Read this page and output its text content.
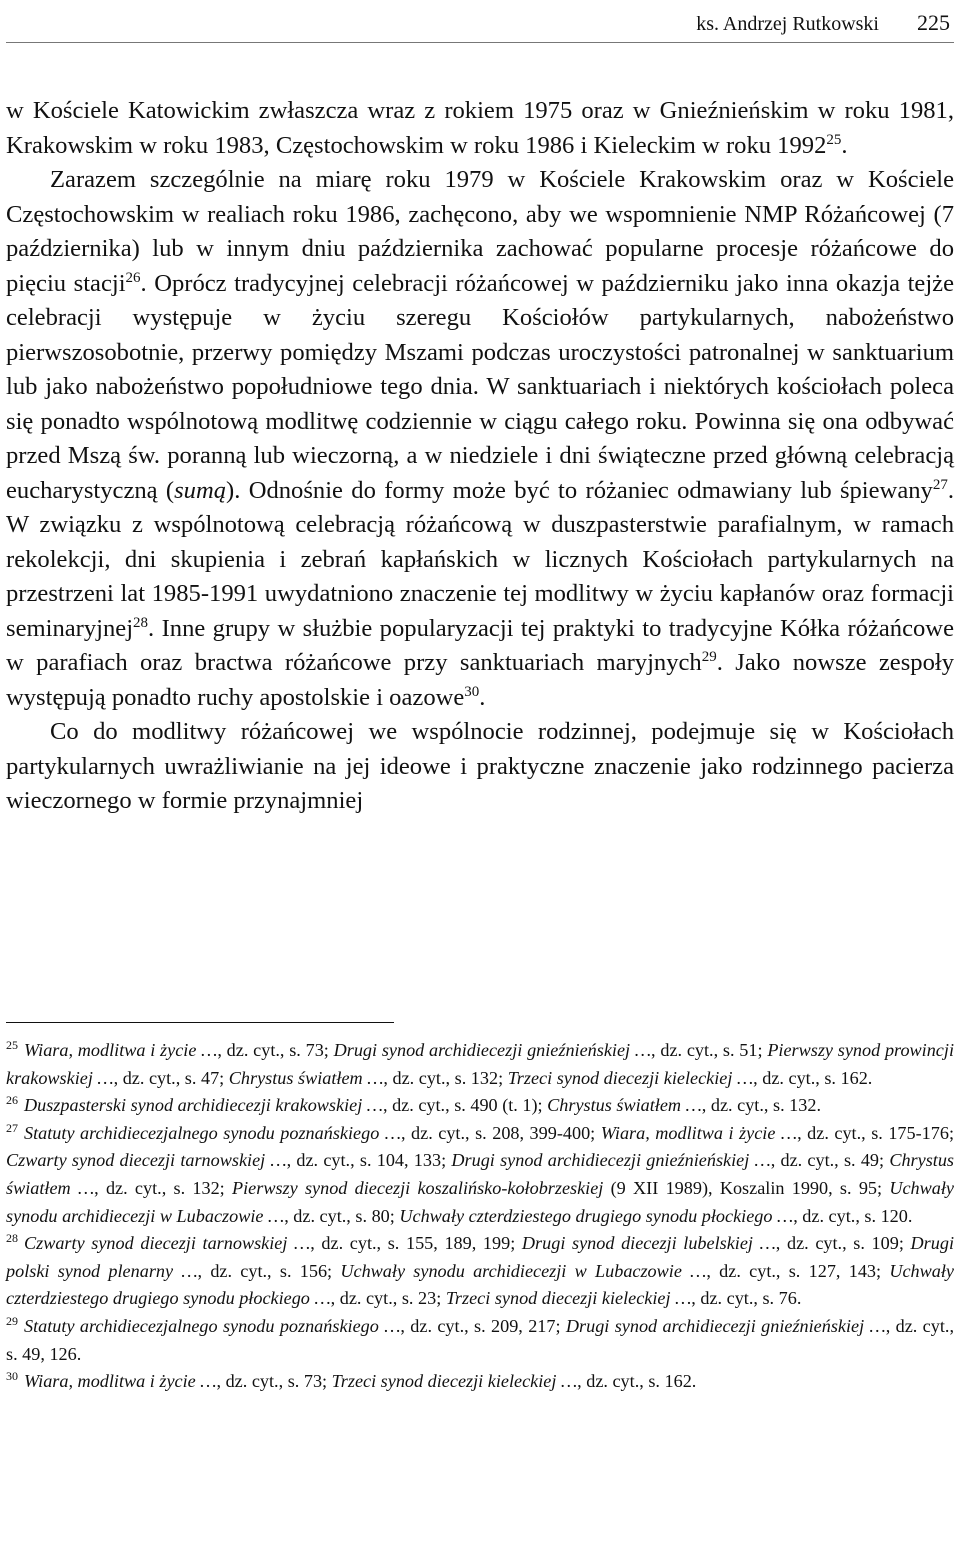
ks. Andrzej Rutkowski 225

w Kościele Katowickim zwłaszcza wraz z rokiem 1975 oraz w Gnieźnieńskim w roku 1981, Krakowskim w roku 1983, Częstochowskim w roku 1986 i Kieleckim w roku 1992$^{25}$.

Zarazem szczególnie na miarę roku 1979 w Kościele Krakowskim oraz w Kościele Częstochowskim w realiach roku 1986, zachęcono, aby we wspomnienie NMP Różańcowej (7 października) lub w innym dniu października zachować popularne procesje różańcowe do pięciu stacji$^{26}$. Oprócz tradycyjnej celebracji różańcowej w październiku jako inna okazja tejże celebracji występuje w życiu szeregu Kościołów partykularnych, nabożeństwo pierwszosobotnie, przerwy pomiędzy Mszami podczas uroczystości patronalnej w sanktuarium lub jako nabożeństwo popołudniowe tego dnia. W sanktuariach i niektórych kościołach poleca się ponadto wspólnotową modlitwę codziennie w ciągu całego roku. Powinna się ona odbywać przed Mszą św. poranną lub wieczorną, a w niedziele i dni świąteczne przed główną celebracją eucharystyczną (sumą). Odnośnie do formy może być to różaniec odmawiany lub śpiewany$^{27}$. W związku z wspólnotową celebracją różańcową w duszpasterstwie parafialnym, w ramach rekolekcji, dni skupienia i zebrań kapłańskich w licznych Kościołach partykularnych na przestrzeni lat 1985-1991 uwydatniono znaczenie tej modlitwy w życiu kapłanów oraz formacji seminaryjnej$^{28}$. Inne grupy w służbie popularyzacji tej praktyki to tradycyjne Kółka różańcowe w parafiach oraz bractwa różańcowe przy sanktuariach maryjnych$^{29}$. Jako nowsze zespoły występują ponadto ruchy apostolskie i oazowe$^{30}$.

Co do modlitwy różańcowej we wspólnocie rodzinnej, podejmuje się w Kościołach partykularnych uwrażliwianie na jej ideowe i praktyczne znaczenie jako rodzinnego pacierza wieczornego w formie przynajmniej

$^{25}$ Wiara, modlitwa i życie …, dz. cyt., s. 73; Drugi synod archidiecezji gnieźnieńskiej …, dz. cyt., s. 51; Pierwszy synod prowincji krakowskiej …, dz. cyt., s. 47; Chrystus światłem …, dz. cyt., s. 132; Trzeci synod diecezji kieleckiej …, dz. cyt., s. 162.

$^{26}$ Duszpasterski synod archidiecezji krakowskiej …, dz. cyt., s. 490 (t. 1); Chrystus światłem …, dz. cyt., s. 132.

$^{27}$ Statuty archidiecezjalnego synodu poznańskiego …, dz. cyt., s. 208, 399-400; Wiara, modlitwa i życie …, dz. cyt., s. 175-176; Czwarty synod diecezji tarnowskiej …, dz. cyt., s. 104, 133; Drugi synod archidiecezji gnieźnieńskiej …, dz. cyt., s. 49; Chrystus światłem …, dz. cyt., s. 132; Pierwszy synod diecezji koszalińsko-kołobrzeskiej (9 XII 1989), Koszalin 1990, s. 95; Uchwały synodu archidiecezji w Lubaczowie …, dz. cyt., s. 80; Uchwały czterdziestego drugiego synodu płockiego …, dz. cyt., s. 120.

$^{28}$ Czwarty synod diecezji tarnowskiej …, dz. cyt., s. 155, 189, 199; Drugi synod diecezji lubelskiej …, dz. cyt., s. 109; Drugi polski synod plenarny …, dz. cyt., s. 156; Uchwały synodu archidiecezji w Lubaczowie …, dz. cyt., s. 127, 143; Uchwały czterdziestego drugiego synodu płockiego …, dz. cyt., s. 23; Trzeci synod diecezji kieleckiej …, dz. cyt., s. 76.

$^{29}$ Statuty archidiecezjalnego synodu poznańskiego …, dz. cyt., s. 209, 217; Drugi synod archidiecezji gnieźnieńskiej …, dz. cyt., s. 49, 126.

$^{30}$ Wiara, modlitwa i życie …, dz. cyt., s. 73; Trzeci synod diecezji kieleckiej …, dz. cyt., s. 162.
